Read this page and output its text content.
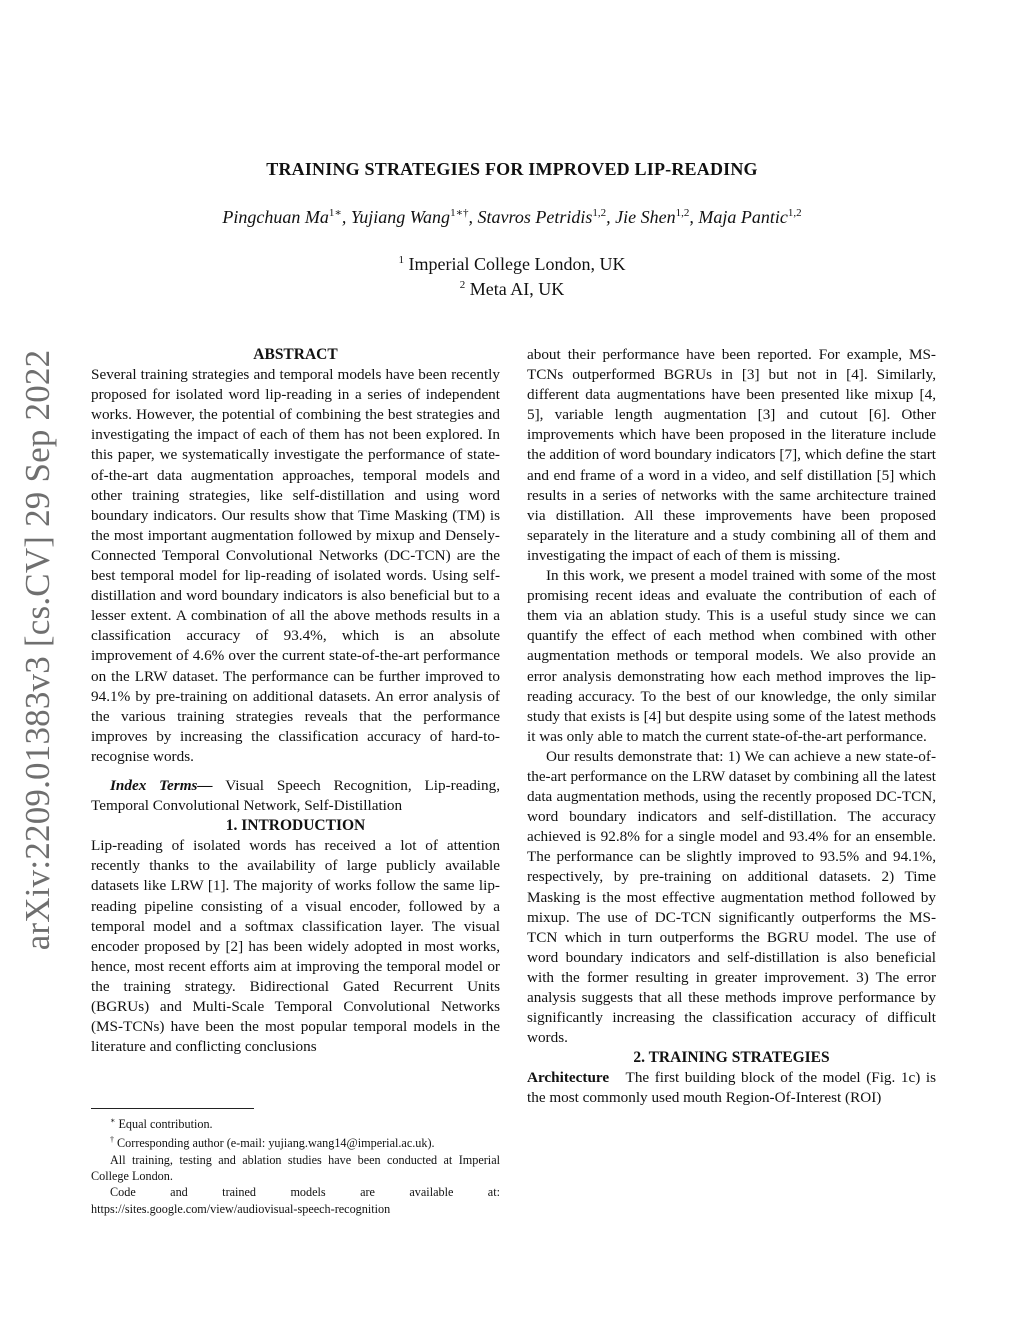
arXiv:2209.01383v3 [cs.CV] 29 Sep 2022
TRAINING STRATEGIES FOR IMPROVED LIP-READING
Pingchuan $Ma^{1∗}$, Yujiang Wang$^{1∗\dagger}$, Stavros Petridis$^{1,2}$, Jie Shen$^{1,2}$, Maja Pantic$^{1,2}$
$^1$ Imperial College London, UK
$^2$ Meta AI, UK

ABSTRACT

Several training strategies and temporal models have been recently proposed for isolated word lip-reading in a series of independent works. However, the potential of combining the best strategies and investigating the impact of each of them has not been explored. In this paper, we systematically investigate the performance of state-of-the-art data augmentation approaches, temporal models and other training strategies, like self-distillation and using word boundary indicators. Our results show that Time Masking (TM) is the most important augmentation followed by mixup and Densely-Connected Temporal Convolutional Networks (DC-TCN) are the best temporal model for lip-reading of isolated words. Using self-distillation and word boundary indicators is also beneficial but to a lesser extent. A combination of all the above methods results in a classification accuracy of 93.4%, which is an absolute improvement of 4.6% over the current state-of-the-art performance on the LRW dataset. The performance can be further improved to 94.1% by pre-training on additional datasets. An error analysis of the various training strategies reveals that the performance improves by increasing the classification accuracy of hard-to-recognise words.

Index Terms— Visual Speech Recognition, Lip-reading, Temporal Convolutional Network, Self-Distillation

1. INTRODUCTION

Lip-reading of isolated words has received a lot of attention recently thanks to the availability of large publicly available datasets like LRW [1]. The majority of works follow the same lip-reading pipeline consisting of a visual encoder, followed by a temporal model and a softmax classification layer. The visual encoder proposed by [2] has been widely adopted in most works, hence, most recent efforts aim at improving the temporal model or the training strategy. Bidirectional Gated Recurrent Units (BGRUs) and Multi-Scale Temporal Convolutional Networks (MS-TCNs) have been the most popular temporal models in the literature and conflicting conclusions

∗ Equal contribution.

† Corresponding author (e-mail: yujiang.wang14@imperial.ac.uk).

All training, testing and ablation studies have been conducted at Imperial College London.

Code and trained models are available at: https://sites.google.com/view/audiovisual-speech-recognition

about their performance have been reported. For example, MS-TCNs outperformed BGRUs in [3] but not in [4]. Similarly, different data augmentations have been presented like mixup [4, 5], variable length augmentation [3] and cutout [6]. Other improvements which have been proposed in the literature include the addition of word boundary indicators [7], which define the start and end frame of a word in a video, and self distillation [5] which results in a series of networks with the same architecture trained via distillation. All these improvements have been proposed separately in the literature and a study combining all of them and investigating the impact of each of them is missing.

In this work, we present a model trained with some of the most promising recent ideas and evaluate the contribution of each of them via an ablation study. This is a useful study since we can quantify the effect of each method when combined with other augmentation methods or temporal models. We also provide an error analysis demonstrating how each method improves the lip-reading accuracy. To the best of our knowledge, the only similar study that exists is [4] but despite using some of the latest methods it was only able to match the current state-of-the-art performance.

Our results demonstrate that: 1) We can achieve a new state-of-the-art performance on the LRW dataset by combining all the latest data augmentation methods, using the recently proposed DC-TCN, word boundary indicators and self-distillation. The accuracy achieved is 92.8% for a single model and 93.4% for an ensemble. The performance can be slightly improved to 93.5% and 94.1%, respectively, by pre-training on additional datasets. 2) Time Masking is the most effective augmentation method followed by mixup. The use of DC-TCN significantly outperforms the MS-TCN which in turn outperforms the BGRU model. The use of word boundary indicators and self-distillation is also beneficial with the former resulting in greater improvement. 3) The error analysis suggests that all these methods improve performance by significantly increasing the classification accuracy of difficult words.

2. TRAINING STRATEGIES

Architecture   The first building block of the model (Fig. 1c) is the most commonly used mouth Region-Of-Interest (ROI)
